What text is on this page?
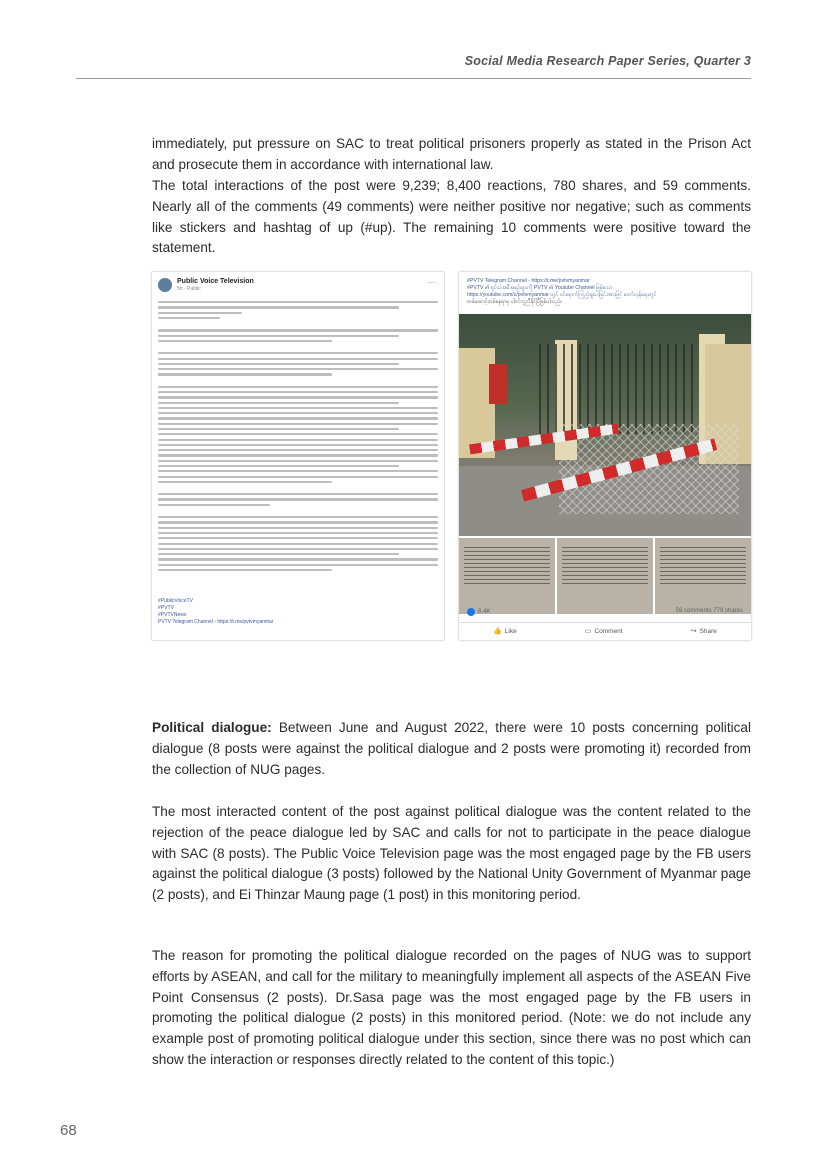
Social Media Research Paper Series, Quarter 3

immediately, put pressure on SAC to treat political prisoners properly as stated in the Prison Act and prosecute them in accordance with international law.

The total interactions of the post were 9,239; 8,400 reactions, 780 shares, and 59 comments. Nearly all of the comments (49 comments) were neither positive nor negative; such as comments like stickers and hashtag of up (#up). The remaining 10 comments were positive toward the statement.

Public Voice Television
5h · Public
···
#PublicVoiceTV
#PVTV
#PVTVNews
PVTV Telegram Channel - https://t.me/pvtvmyanmar
#PVTV Telegram Channel - https://t.me/pvtvmyanmar
#PVTV ၏ ရုပ်သံအစီအစဉ်များကို PVTV ၏ Youtube Channel ဖြစ်သော
https://youtube.com/c/pvtvmyanmar တွင် ဝင်ရောက်ကြည့်ရှုပေးခြင်းအားဖြင့် တော်လှန်ရေးတွင်
တစ်ထောင့်တစ်နေရာမှ ပါဝင်ကူညီနိုင်ပြီဖြစ်ပါသည်။
8.4K	59 comments 779 shares
👍 Like	▭ Comment	↪ Share

Political dialogue: Between June and August 2022, there were 10 posts concerning political dialogue (8 posts were against the political dialogue and 2 posts were promoting it) recorded from the collection of NUG pages.

The most interacted content of the post against political dialogue was the content related to the rejection of the peace dialogue led by SAC and calls for not to participate in the peace dialogue with SAC (8 posts). The Public Voice Television page was the most engaged page by the FB users against the political dialogue (3 posts) followed by the National Unity Government of Myanmar page (2 posts), and Ei Thinzar Maung page (1 post) in this monitoring period.

The reason for promoting the political dialogue recorded on the pages of NUG was to support efforts by ASEAN, and call for the military to meaningfully implement all aspects of the ASEAN Five Point Consensus (2 posts). Dr.Sasa page was the most engaged page by the FB users in promoting the political dialogue (2 posts) in this monitored period. (Note: we do not include any example post of promoting political dialogue under this section, since there was no post which can show the interaction or responses directly related to the content of this topic.)

68
